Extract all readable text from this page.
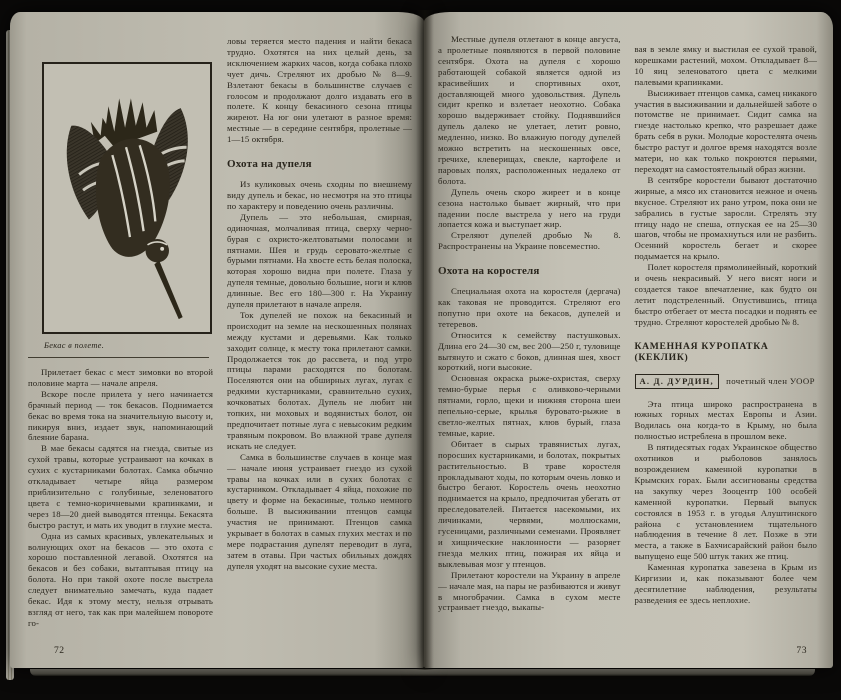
Бекас в полете.

Прилетает бекас с мест зимовки во второй половине марта — начале апреля.

Вскоре после прилета у него начинается брачный период — ток бекасов. Поднимается бекас во время тока на значительную высоту и, пикируя вниз, издает звук, напоминающий блеяние барана.

В мае бекасы садятся на гнезда, свитые из сухой травы, которые устраивают на кочках в сухих с кустарниками болотах. Самка обычно откладывает четыре яйца размером приблизительно с голубиные, зеленоватого цвета с темно-коричневыми крапинками, и через 18—20 дней выводятся птенцы. Бекасята быстро растут, и мать их уводит в глухие места.

Одна из самых красивых, увлекательных и волнующих охот на бекасов — это охота с хорошо поставленной легавой. Охотятся на бекасов и без собаки, вытаптывая птицу на болота. Но при такой охоте после выстрела следует внимательно замечать, куда падает бекас. Идя к этому месту, нельзя отрывать взгляд от него, так как при малейшем повороте го-

72

ловы теряется место падения и найти бекаса трудно. Охотятся на них целый день, за исключением жарких часов, когда собака плохо чует дичь. Стреляют их дробью № 8—9. Взлетают бекасы в большинстве случаев с голосом и продолжают долго издавать его в полете. К концу бекасиного сезона птицы жиреют. На юг они улетают в разное время: местные — в середине сентября, пролетные — 1—15 октября.

Охота на дупеля

Из куликовых очень сходны по внешнему виду дупель и бекас, но несмотря на это птицы по характеру и поведению очень различны.

Дупель — это небольшая, смирная, одиночная, молчаливая птица, сверху черно-бурая с охристо-желтоватыми полосами и пятнами. Шея и грудь серовато-желтые с бурыми пятнами. На хвосте есть белая полоска, которая хорошо видна при полете. Глаза у дупеля темные, довольно большие, ноги и клюв длинные. Вес его 180—300 г. На Украину дупеля прилетают в начале апреля.

Ток дупелей не похож на бекасиный и происходит на земле на нескошенных полянах между кустами и деревьями. Как только заходит солнце, к месту тока прилетают самки. Продолжается ток до рассвета, и под утро птицы парами расходятся по болотам. Поселяются они на обширных лугах, лугах с редкими кустарниками, сравнительно сухих, кочковатых болотах. Дупель не любит ни топких, ни моховых и водянистых болот, он предпочитает потные луга с невысоким редким травяным покровом. Во влажной траве дупеля искать не следует.

Самка в большинстве случаев в конце мая — начале июня устраивает гнездо из сухой травы на кочках или в сухих болотах с кустарником. Откладывает 4 яйца, похожие по цвету и форме на бекасиные, только немного больше. В высиживании птенцов самцы участия не принимают. Птенцов самка укрывает в болотах в самых глухих местах и по мере подрастания дупелят переводит в луга, затем в отавы. При частых обильных дождях дупеля уходят на высокие сухие места.

Местные дупеля отлетают в конце августа, а пролетные появляются в первой половине сентября. Охота на дупеля с хорошо работающей собакой является одной из красивейших и спортивных охот, доставляющей много удовольствия. Дупель сидит крепко и взлетает неохотно. Собака хорошо выдерживает стойку. Поднявшийся дупель далеко не улетает, летит ровно, медленно, низко. Во влажную погоду дупелей можно встретить на нескошенных овсе, гречихе, клеверищах, свекле, картофеле и паровых полях, расположенных недалеко от болота.

Дупель очень скоро жиреет и в конце сезона настолько бывает жирный, что при падении после выстрела у него на груди лопается кожа и выступает жир.

Стреляют дупелей дробью № 8. Распространены на Украине повсеместно.

Охота на коростеля

Специальная охота на коростеля (дергача) как таковая не проводится. Стреляют его попутно при охоте на бекасов, дупелей и тетеревов.

Относится к семейству пастушковых. Длина его 24—30 см, вес 200—250 г, туловище вытянуто и сжато с боков, длинная шея, хвост короткий, ноги высокие.

Основная окраска рыже-охристая, сверху темно-бурые перья с оливково-черными пятнами, горло, щеки и нижняя сторона шеи пепельно-серые, крылья буровато-рыжие в светло-желтых пятнах, клюв бурый, глаза темные, карие.

Обитает в сырых травянистых лугах, поросших кустарниками, и болотах, покрытых растительностью. В траве коростеля прокладывают ходы, по которым очень ловко и быстро бегают. Коростель очень неохотно поднимается на крыло, предпочитая убегать от преследователей. Питается насекомыми, их личинками, червями, моллюсками, гусеницами, различными семенами. Проявляет и хищнические наклонности — разоряет гнезда мелких птиц, пожирая их яйца и выклевывая мозг у птенцов.

Прилетают коростели на Украину в апреле — начале мая, на пары не разбиваются и живут в многобрачии. Самка в сухом месте устраивает гнездо, выкапы-

вая в земле ямку и выстилая ее сухой травой, корешками растений, мохом. Откладывает 8—10 яиц зеленоватого цвета с мелкими палевыми крапинками.

Высиживает птенцов самка, самец никакого участия в высиживании и дальнейшей заботе о потомстве не принимает. Сидит самка на гнезде настолько крепко, что разрешает даже брать себя в руки. Молодые коростелята очень быстро растут и долгое время находятся возле матери, но как только покроются перьями, переходят на самостоятельный образ жизни.

В сентябре коростели бывают достаточно жирные, а мясо их становится нежное и очень вкусное. Стреляют их рано утром, пока они не забрались в густые заросли. Стрелять эту птицу надо не спеша, отпуская ее на 25—30 шагов, чтобы не промахнуться или не разбить. Осенний коростель бегает и скорее подымается на крыло.

Полет коростеля прямолинейный, короткий и очень некрасивый. У него висят ноги и создается такое впечатление, как будто он летит подстреленный. Опустившись, птица быстро отбегает от места посадки и поднять ее трудно. Стреляют коростелей дробью № 8.

КАМЕННАЯ КУРОПАТКА (КЕКЛИК)
А. Д. ДУРДИН, почетный член УООР

Эта птица широко распространена в южных горных местах Европы и Азии. Водилась она когда-то в Крыму, но была полностью истреблена в прошлом веке.

В пятидесятых годах Украинское общество охотников и рыболовов занялось возрождением каменной куропатки в Крымских горах. Были ассигнованы средства на закупку через Зооцентр 100 особей каменной куропатки. Первый выпуск состоялся в 1953 г. в угодья Алуштинского района с установлением тщательного наблюдения в течение 8 лет. Позже в эти места, а также в Бахчисарайский район было выпущено еще 500 штук таких же птиц.

Каменная куропатка завезена в Крым из Киргизии и, как показывают более чем десятилетние наблюдения, результаты разведения ее здесь неплохие.

73
